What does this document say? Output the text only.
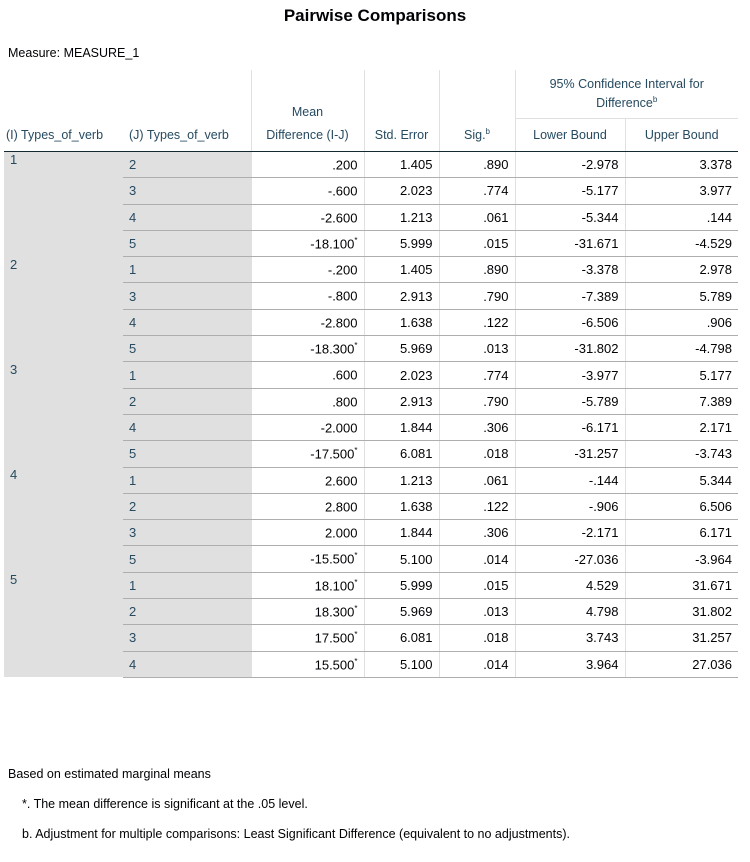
Pairwise Comparisons
Measure: MEASURE_1
		Mean			95% Confidence Interval for
Difference$^b$
(I) Types_of_verb	(J) Types_of_verb	Difference (I-J)	Std. Error	Sig.$^b$	Lower Bound	Upper Bound
1	2	.200	1.405	.890	-2.978	3.378
	3	-.600	2.023	.774	-5.177	3.977
	4	-2.600	1.213	.061	-5.344	.144
	5	-18.100*	5.999	.015	-31.671	-4.529
2	1	-.200	1.405	.890	-3.378	2.978
	3	-.800	2.913	.790	-7.389	5.789
	4	-2.800	1.638	.122	-6.506	.906
	5	-18.300*	5.969	.013	-31.802	-4.798
3	1	.600	2.023	.774	-3.977	5.177
	2	.800	2.913	.790	-5.789	7.389
	4	-2.000	1.844	.306	-6.171	2.171
	5	-17.500*	6.081	.018	-31.257	-3.743
4	1	2.600	1.213	.061	-.144	5.344
	2	2.800	1.638	.122	-.906	6.506
	3	2.000	1.844	.306	-2.171	6.171
	5	-15.500*	5.100	.014	-27.036	-3.964
5	1	18.100*	5.999	.015	4.529	31.671
	2	18.300*	5.969	.013	4.798	31.802
	3	17.500*	6.081	.018	3.743	31.257
	4	15.500*	5.100	.014	3.964	27.036
Based on estimated marginal means
*. The mean difference is significant at the .05 level.
b. Adjustment for multiple comparisons: Least Significant Difference (equivalent to no adjustments).
